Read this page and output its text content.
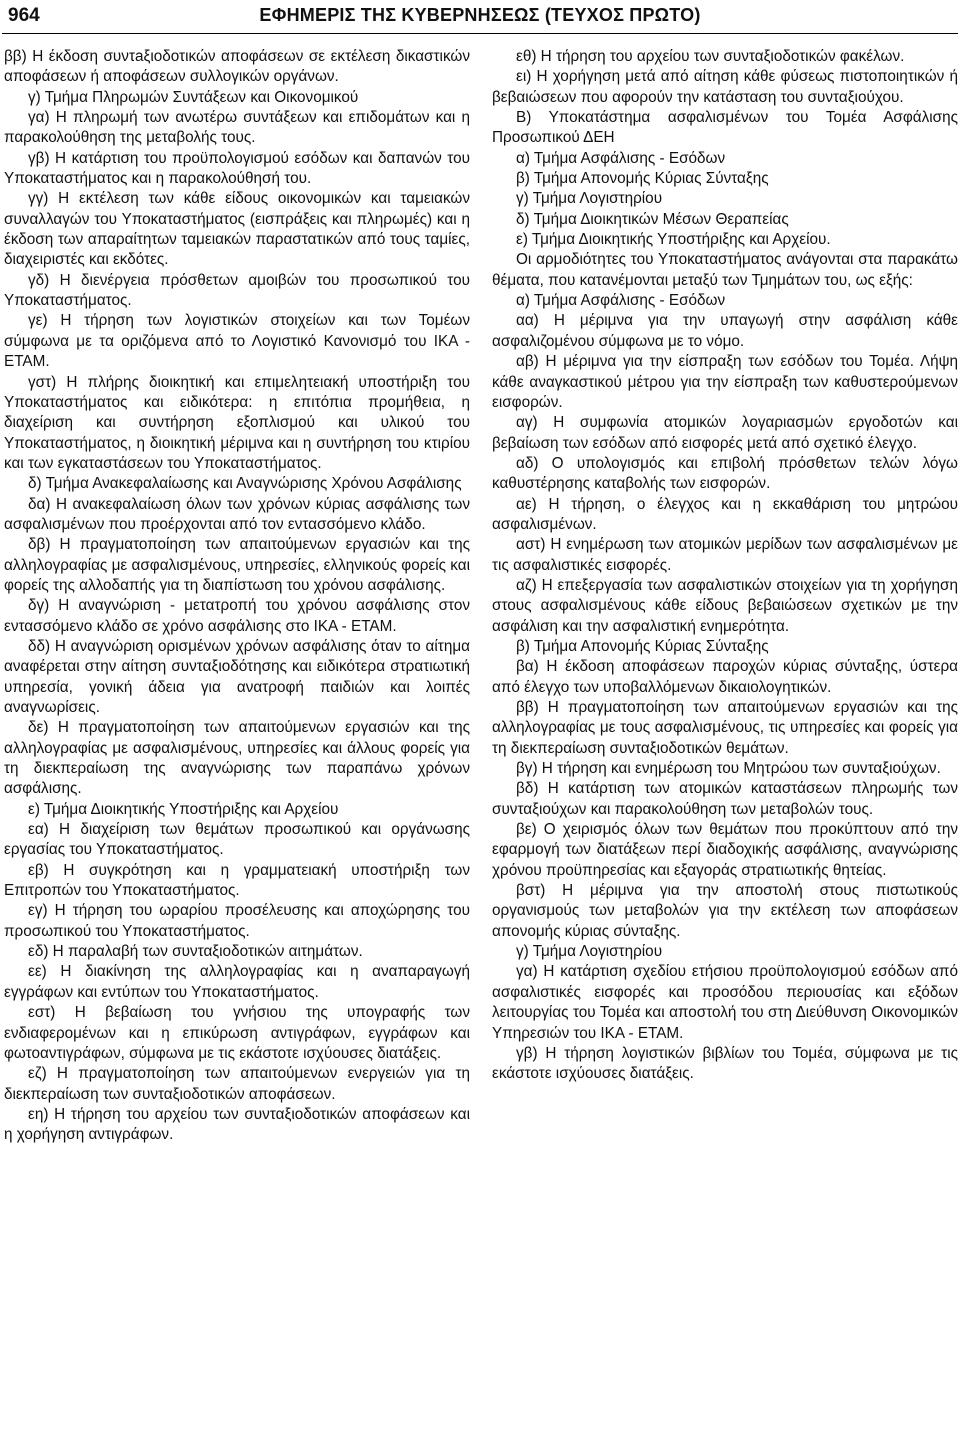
964	ΕΦΗΜΕΡΙΣ ΤΗΣ ΚΥΒΕΡΝΗΣΕΩΣ (ΤΕΥΧΟΣ ΠΡΩΤΟ)

ββ) Η έκδοση συντaξιοδοτικών αποφάσεων σε εκτέλεση δικαστικών αποφάσεων ή αποφάσεων συλλογικών οργάνων.

γ) Τμήμα Πληρωμών Συντάξεων και Οικονομικού

γα) Η πληρωμή των ανωτέρω συντάξεων και επιδομάτων και η παρακολούθηση της μεταβολής τους.

γβ) Η κατάρτιση του προϋπολογισμού εσόδων και δαπανών του Υποκαταστήματος και η παρακολούθησή του.

γγ) Η εκτέλεση των κάθε είδους οικονομικών και ταμειακών συναλλαγών του Υποκαταστήματος (εισπράξεις και πληρωμές) και η έκδοση των απαραίτητων ταμειακών παραστατικών από τους ταμίες, διαχειριστές και εκδότες.

γδ) Η διενέργεια πρόσθετων αμοιβών του προσωπικού του Υποκαταστήματος.

γε) Η τήρηση των λογιστικών στοιχείων και των Τομέων σύμφωνα με τα οριζόμενα από το Λογιστικό Κανονισμό του ΙΚΑ - ΕΤΑΜ.

γστ) Η πλήρης διοικητική και επιμελητειακή υποστήριξη του Υποκαταστήματος και ειδικότερα: η επιτόπια προμήθεια, η διαχείριση και συντήρηση εξοπλισμού και υλικού του Υποκαταστήματος, η διοικητική μέριμνα και η συντήρηση του κτιρίου και των εγκαταστάσεων του Υποκαταστήματος.

δ) Τμήμα Ανακεφαλαίωσης και Αναγνώρισης Χρόνου Ασφάλισης

δα) Η ανακεφαλαίωση όλων των χρόνων κύριας ασφάλισης των ασφαλισμένων που προέρχονται από τον εντασσόμενο κλάδο.

δβ) Η πραγματοποίηση των απαιτούμενων εργασιών και της αλληλογραφίας με ασφαλισμένους, υπηρεσίες, ελληνικούς φορείς και φορείς της αλλοδαπής για τη διαπίστωση του χρόνου ασφάλισης.

δγ) Η αναγνώριση - μετατροπή του χρόνου ασφάλισης στον εντασσόμενο κλάδο σε χρόνο ασφάλισης στο ΙΚΑ - ΕΤΑΜ.

δδ) Η αναγνώριση ορισμένων χρόνων ασφάλισης όταν το αίτημα αναφέρεται στην αίτηση συνταξιοδότησης και ειδικότερα στρατιωτική υπηρεσία, γονική άδεια για ανατροφή παιδιών και λοιπές αναγνωρίσεις.

δε) Η πραγματοποίηση των απαιτούμενων εργασιών και της αλληλογραφίας με ασφαλισμένους, υπηρεσίες και άλλους φορείς για τη διεκπεραίωση της αναγνώρισης των παραπάνω χρόνων ασφάλισης.

ε) Τμήμα Διοικητικής Υποστήριξης και Αρχείου

εα) Η διαχείριση των θεμάτων προσωπικού και οργάνωσης εργασίας του Υποκαταστήματος.

εβ) Η συγκρότηση και η γραμματειακή υποστήριξη των Επιτροπών του Υποκαταστήματος.

εγ) Η τήρηση του ωραρίου προσέλευσης και αποχώρησης του προσωπικού του Υποκαταστήματος.

εδ) Η παραλαβή των συνταξιοδοτικών αιτημάτων.

εε) Η διακίνηση της αλληλογραφίας και η αναπαραγωγή εγγράφων και εντύπων του Υποκαταστήματος.

εστ) Η βεβαίωση του γνήσιου της υπογραφής των ενδιαφερομένων και η επικύρωση αντιγράφων, εγγράφων και φωτοαντιγράφων, σύμφωνα με τις εκάστοτε ισχύουσες διατάξεις.

εζ) Η πραγματοποίηση των απαιτούμενων ενεργειών για τη διεκπεραίωση των συνταξιοδοτικών αποφάσεων.

εη) Η τήρηση του αρχείου των συνταξιοδοτικών αποφάσεων και η χορήγηση αντιγράφων.

εθ) Η τήρηση του αρχείου των συνταξιοδοτικών φακέλων.

ει) Η χορήγηση μετά από αίτηση κάθε φύσεως πιστοποιητικών ή βεβαιώσεων που αφορούν την κατάσταση του συνταξιούχου.

Β) Υποκατάστημα ασφαλισμένων του Τομέα Ασφάλισης Προσωπικού ΔΕΗ

α) Τμήμα Ασφάλισης - Εσόδων

β) Τμήμα Απονομής Κύριας Σύνταξης

γ) Τμήμα Λογιστηρίου

δ) Τμήμα Διοικητικών Μέσων Θεραπείας

ε) Τμήμα Διοικητικής Υποστήριξης και Αρχείου.

Οι αρμοδιότητες του Υποκαταστήματος ανάγονται στα παρακάτω θέματα, που κατανέμονται μεταξύ των Τμημάτων του, ως εξής:

α) Τμήμα Ασφάλισης - Εσόδων

αα) Η μέριμνα για την υπαγωγή στην ασφάλιση κάθε ασφαλιζομένου σύμφωνα με το νόμο.

αβ) Η μέριμνα για την είσπραξη των εσόδων του Τομέα. Λήψη κάθε αναγκαστικού μέτρου για την είσπραξη των καθυστερούμενων εισφορών.

αγ) Η συμφωνία ατομικών λογαριασμών εργοδοτών και βεβαίωση των εσόδων από εισφορές μετά από σχετικό έλεγχο.

αδ) Ο υπολογισμός και επιβολή πρόσθετων τελών λόγω καθυστέρησης καταβολής των εισφορών.

αε) Η τήρηση, ο έλεγχος και η εκκαθάριση του μητρώου ασφαλισμένων.

αστ) Η ενημέρωση των ατομικών μερίδων των ασφαλισμένων με τις ασφαλιστικές εισφορές.

αζ) Η επεξεργασία των ασφαλιστικών στοιχείων για τη χορήγηση στους ασφαλισμένους κάθε είδους βεβαιώσεων σχετικών με την ασφάλιση και την ασφαλιστική ενημερότητα.

β) Τμήμα Απονομής Κύριας Σύνταξης

βα) Η έκδοση αποφάσεων παροχών κύριας σύνταξης, ύστερα από έλεγχο των υποβαλλόμενων δικαιολογητικών.

ββ) Η πραγματοποίηση των απαιτούμενων εργασιών και της αλληλογραφίας με τους ασφαλισμένους, τις υπηρεσίες και φορείς για τη διεκπεραίωση συνταξιοδοτικών θεμάτων.

βγ) Η τήρηση και ενημέρωση του Μητρώου των συνταξιούχων.

βδ) Η κατάρτιση των ατομικών καταστάσεων πληρωμής των συνταξιούχων και παρακολούθηση των μεταβολών τους.

βε) Ο χειρισμός όλων των θεμάτων που προκύπτουν από την εφαρμογή των διατάξεων περί διαδοχικής ασφάλισης, αναγνώρισης χρόνου προϋπηρεσίας και εξαγοράς στρατιωτικής θητείας.

βστ) Η μέριμνα για την αποστολή στους πιστωτικούς οργανισμούς των μεταβολών για την εκτέλεση των αποφάσεων απονομής κύριας σύνταξης.

γ) Τμήμα Λογιστηρίου

γα) Η κατάρτιση σχεδίου ετήσιου προϋπολογισμού εσόδων από ασφαλιστικές εισφορές και προσόδου περιουσίας και εξόδων λειτουργίας του Τομέα και αποστολή του στη Διεύθυνση Οικονομικών Υπηρεσιών του ΙΚΑ - ΕΤΑΜ.

γβ) Η τήρηση λογιστικών βιβλίων του Τομέα, σύμφωνα με τις εκάστοτε ισχύουσες διατάξεις.
